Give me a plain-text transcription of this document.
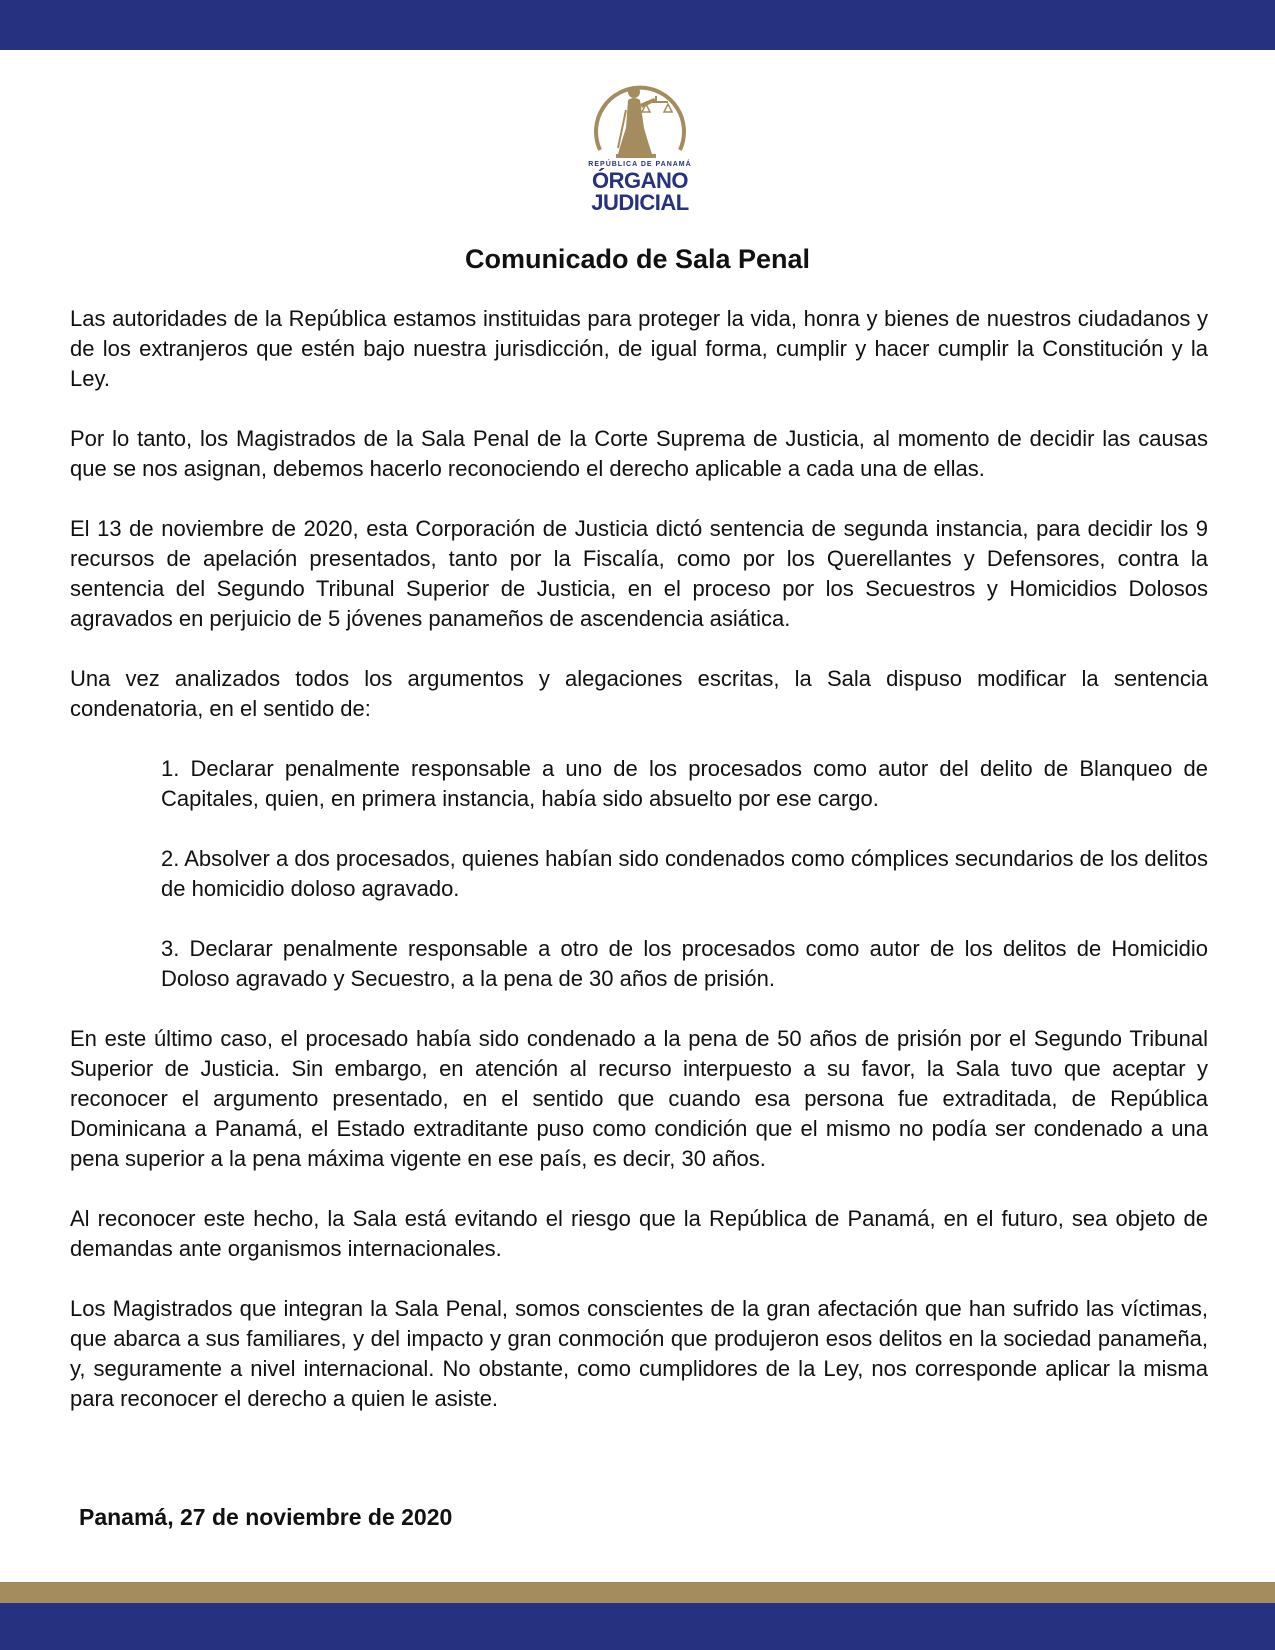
REPÚBLICA DE PANAMÁ
ÓRGANO
JUDICIAL
Comunicado de Sala Penal

Las autoridades de la República estamos instituidas para proteger la vida, honra y bienes de nuestros ciudadanos y de los extranjeros que estén bajo nuestra jurisdicción, de igual forma, cumplir y hacer cumplir la Constitución y la Ley.

Por lo tanto, los Magistrados de la Sala Penal de la Corte Suprema de Justicia, al momento de decidir las causas que se nos asignan, debemos hacerlo reconociendo el derecho aplicable a cada una de ellas.

El 13 de noviembre de 2020, esta Corporación de Justicia dictó sentencia de segunda instancia, para decidir los 9 recursos de apelación presentados, tanto por la Fiscalía, como por los Querellantes y Defensores, contra la sentencia del Segundo Tribunal Superior de Justicia, en el proceso por los Secuestros y Homicidios Dolosos agravados en perjuicio de 5 jóvenes panameños de ascendencia asiática.

Una vez analizados todos los argumentos y alegaciones escritas, la Sala dispuso modificar la sentencia condenatoria, en el sentido de:

1. Declarar penalmente responsable a uno de los procesados como autor del delito de Blanqueo de Capitales, quien, en primera instancia, había sido absuelto por ese cargo.

2. Absolver a dos procesados, quienes habían sido condenados como cómplices secundarios de los delitos de homicidio doloso agravado.

3. Declarar penalmente responsable a otro de los procesados como autor de los delitos de Homicidio Doloso agravado y Secuestro, a la pena de 30 años de prisión.

En este último caso, el procesado había sido condenado a la pena de 50 años de prisión por el Segundo Tribunal Superior de Justicia. Sin embargo, en atención al recurso interpuesto a su favor, la Sala tuvo que aceptar y reconocer el argumento presentado, en el sentido que cuando esa persona fue extraditada, de República Dominicana a Panamá, el Estado extraditante puso como condición que el mismo no podía ser condenado a una pena superior a la pena máxima vigente en ese país, es decir, 30 años.

Al reconocer este hecho, la Sala está evitando el riesgo que la República de Panamá, en el futuro, sea objeto de demandas ante organismos internacionales.

Los Magistrados que integran la Sala Penal, somos conscientes de la gran afectación que han sufrido las víctimas, que abarca a sus familiares, y del impacto y gran conmoción que produjeron esos delitos en la sociedad panameña, y, seguramente a nivel internacional. No obstante, como cumplidores de la Ley, nos corresponde aplicar la misma para reconocer el derecho a quien le asiste.

Panamá, 27 de noviembre de 2020
